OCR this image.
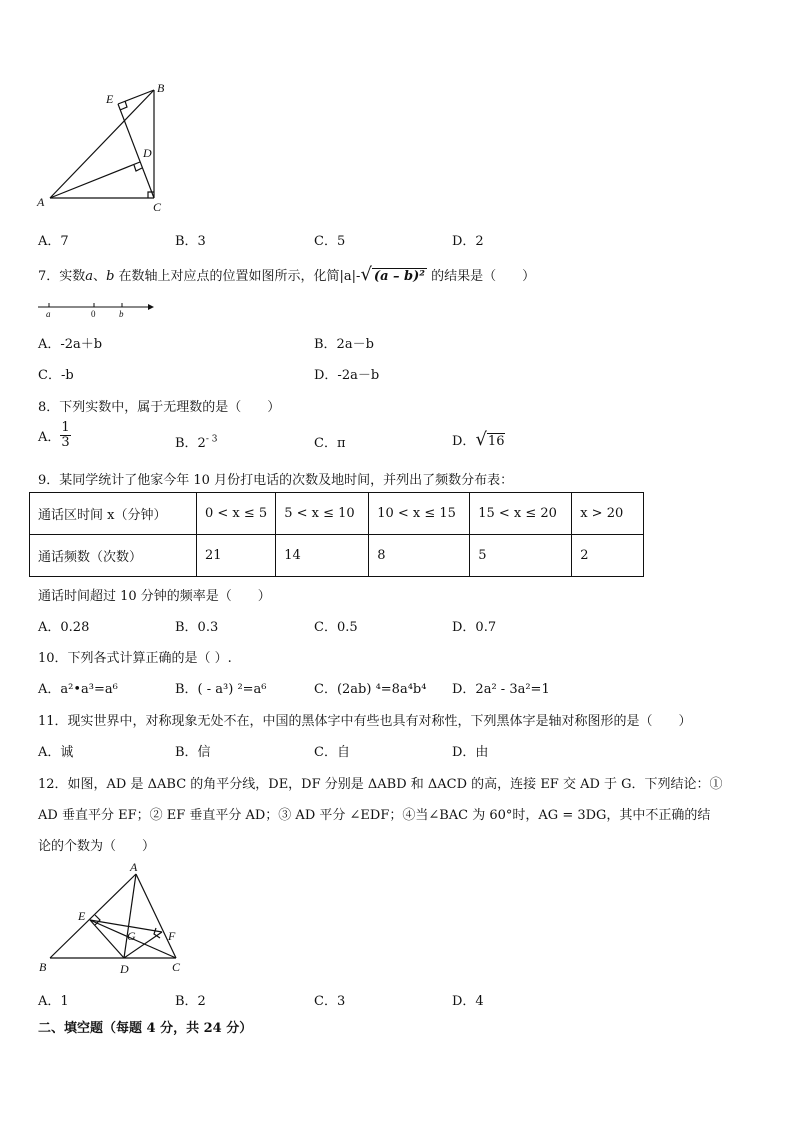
E
B
D
A	C
A．7	B．3	C．5	D．2
7．实数a、b 在数轴上对应点的位置如图所示，化简|a|-√ (a – b)² 的结果是（　　）
a	0	b
A．-2a＋b	B．2a－b
C．-b	D．-2a－b
8．下列实数中，属于无理数的是（　　）
A． $\frac{1}{3}$	B．$2^{- 3}$	C．π	D．√16
9．某同学统计了他家今年 10 月份打电话的次数及地时间，并列出了频数分布表：
通话区时间 x（分钟）	0 < x ≤ 5	5 < x ≤ 10	10 < x ≤ 15	15 < x ≤ 20	x > 20
通话频数（次数）	21	14	8	5	2
通话时间超过 10 分钟的频率是（　　）
A．0.28	B．0.3	C．0.5	D．0.7
10．下列各式计算正确的是（ ）.
A．a²•a³=a⁶	B．( - a³) ²=a⁶	C．(2ab) ⁴=8a⁴b⁴ D．2a² - 3a²=1
11．现实世界中，对称现象无处不在，中国的黑体字中有些也具有对称性，下列黑体字是轴对称图形的是（　　）
A．诚	B．信	C．自	D．由
12．如图，AD 是 ΔABC 的角平分线，DE，DF 分别是 ΔABD 和 ΔACD 的高，连接 EF 交 AD 于 G．下列结论：①
AD 垂直平分 EF；② EF 垂直平分 AD；③ AD 平分 ∠EDF；④当∠BAC 为 60°时，AG = 3DG，其中不正确的结
论的个数为（　　）
A
E
G	F
B	D	C
A．1	B．2	C．3	D．4
二、填空题（每题 4 分，共 24 分）
